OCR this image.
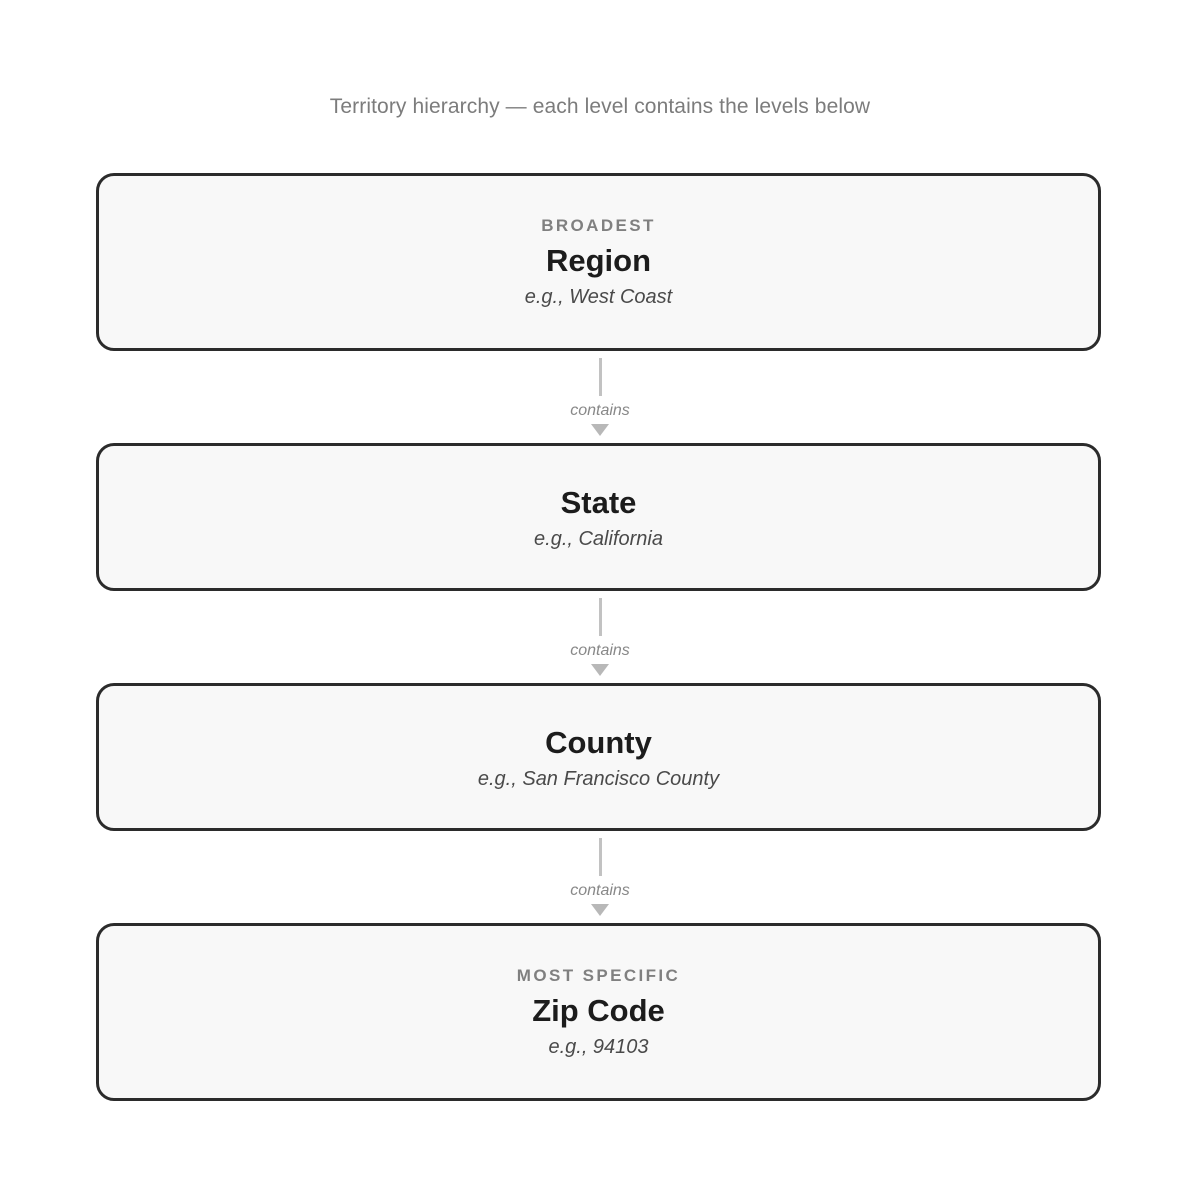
Territory hierarchy — each level contains the levels below
BROADEST
Region
e.g., West Coast
contains
State
e.g., California
contains
County
e.g., San Francisco County
contains
MOST SPECIFIC
Zip Code
e.g., 94103
